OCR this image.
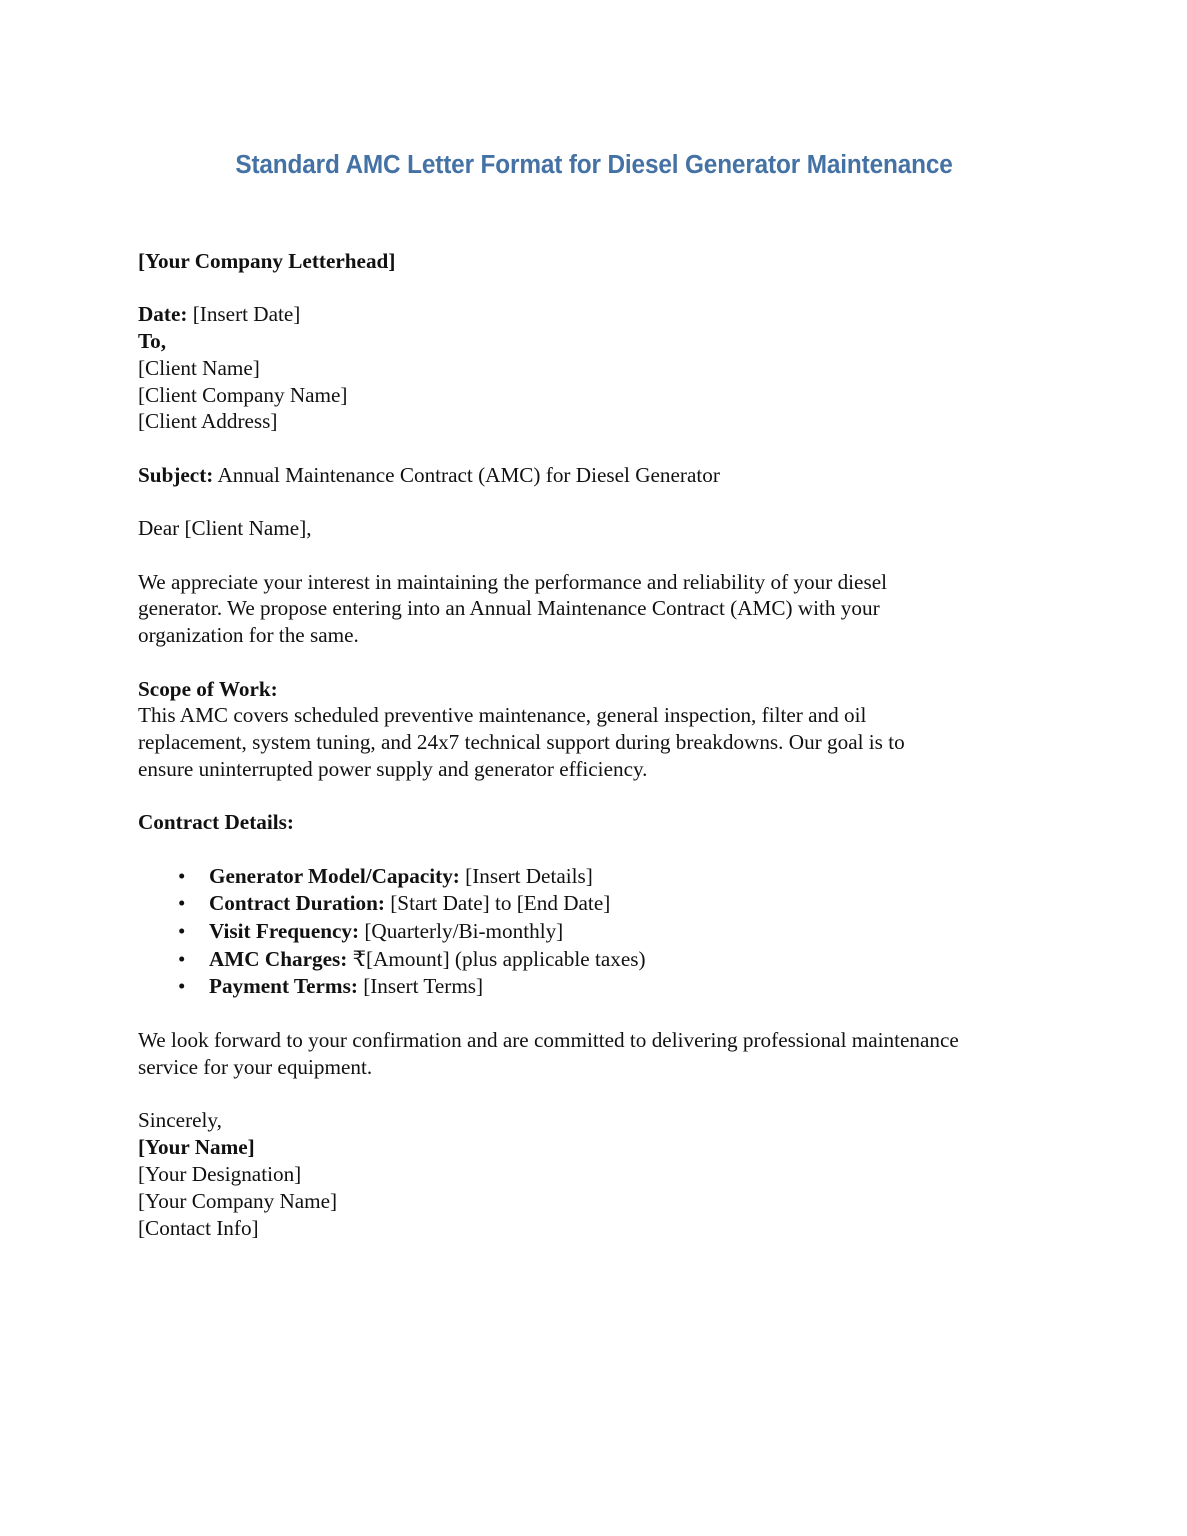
Standard AMC Letter Format for Diesel Generator Maintenance

[Your Company Letterhead]

Date: [Insert Date]
To,
[Client Name]
[Client Company Name]
[Client Address]

Subject: Annual Maintenance Contract (AMC) for Diesel Generator

Dear [Client Name],

We appreciate your interest in maintaining the performance and reliability of your diesel
generator. We propose entering into an Annual Maintenance Contract (AMC) with your
organization for the same.
Scope of Work:
This AMC covers scheduled preventive maintenance, general inspection, filter and oil
replacement, system tuning, and 24x7 technical support during breakdowns. Our goal is to
ensure uninterrupted power supply and generator efficiency.

Contract Details:

• Generator Model/Capacity: [Insert Details]
• Contract Duration: [Start Date] to [End Date]
• Visit Frequency: [Quarterly/Bi-monthly]
• AMC Charges: ₹[Amount] (plus applicable taxes)
• Payment Terms: [Insert Terms]
We look forward to your confirmation and are committed to delivering professional maintenance
service for your equipment.
Sincerely,
[Your Name]
[Your Designation]
[Your Company Name]
[Contact Info]
